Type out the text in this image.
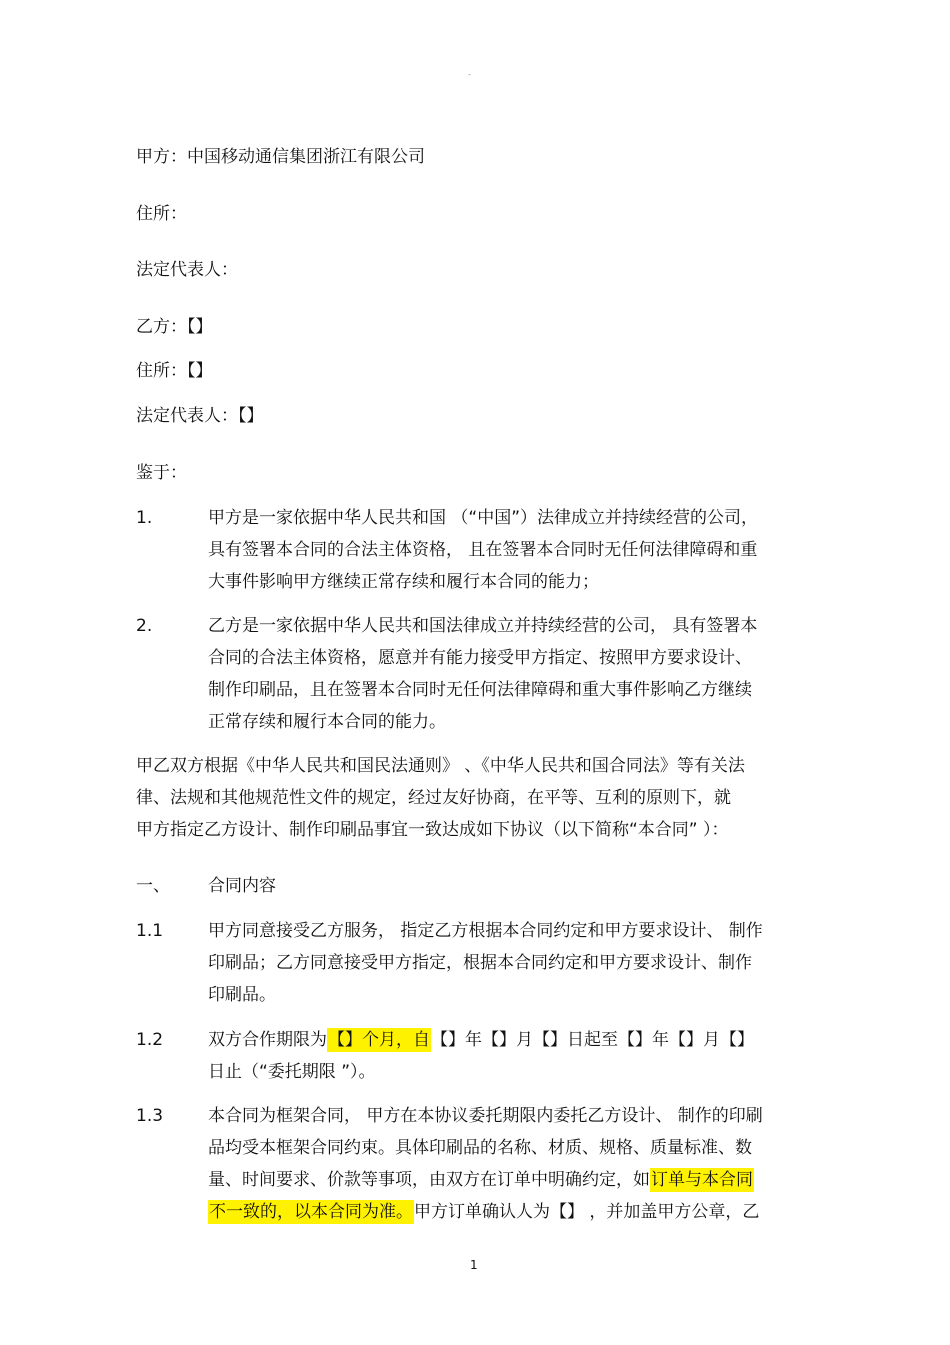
-
甲方：中国移动通信集团浙江有限公司
住所：
法定代表人：
乙方：【】
住所：【】
法定代表人：【】
鉴于：
1.	甲方是一家依据中华人民共和国 （“中国”）法律成立并持续经营的公司，
具有签署本合同的合法主体资格， 且在签署本合同时无任何法律障碍和重
大事件影响甲方继续正常存续和履行本合同的能力；
2.	乙方是一家依据中华人民共和国法律成立并持续经营的公司， 具有签署本
合同的合法主体资格，愿意并有能力接受甲方指定、按照甲方要求设计、
制作印刷品，且在签署本合同时无任何法律障碍和重大事件影响乙方继续
正常存续和履行本合同的能力。
甲乙双方根据《中华人民共和国民法通则》 、《中华人民共和国合同法》等有关法
律、法规和其他规范性文件的规定，经过友好协商，在平等、互利的原则下，就
甲方指定乙方设计、制作印刷品事宜一致达成如下协议（以下简称“本合同” ）：
一、 合同内容
1.1	甲方同意接受乙方服务， 指定乙方根据本合同约定和甲方要求设计、 制作
印刷品；乙方同意接受甲方指定，根据本合同约定和甲方要求设计、制作
印刷品。
1.2	双方合作期限为【】个月，自【】年【】月【】日起至【】年【】月【】
日止（“委托期限 ”）。
1.3	本合同为框架合同， 甲方在本协议委托期限内委托乙方设计、 制作的印刷
品均受本框架合同约束。具体印刷品的名称、材质、规格、质量标准、数
量、时间要求、价款等事项，由双方在订单中明确约定，如订单与本合同
不一致的，以本合同为准。甲方订单确认人为【】 ，并加盖甲方公章，乙
1
